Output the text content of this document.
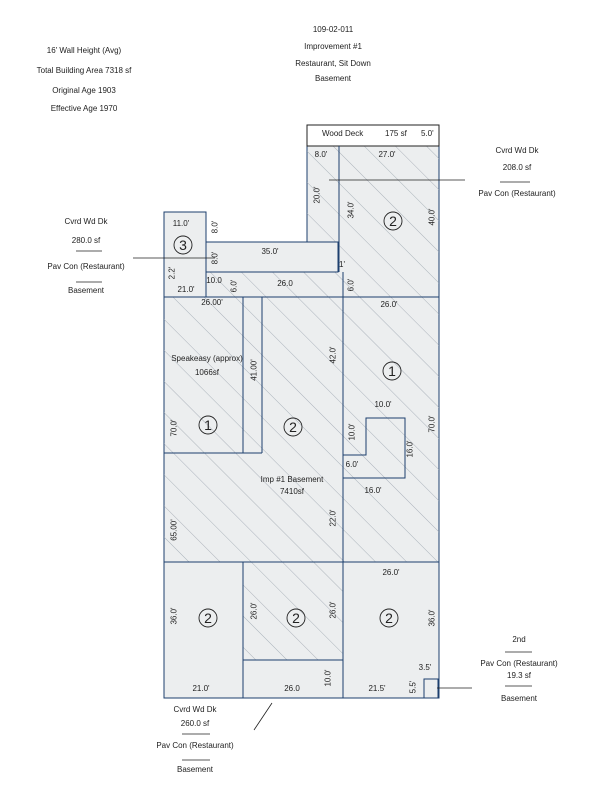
109-02-011
Improvement #1
Restaurant, Sit Down
Basement
16' Wall Height (Avg)
Total Building Area 7318 sf
Original Age 1903
Effective Age 1970
Wood Deck	175 sf 5.0'
Cvrd Wd Dk
208.0 sf
Pav Con (Restaurant)
Cvrd Wd Dk
280.0 sf
Pav Con (Restaurant)
Basement
Cvrd Wd Dk
260.0 sf
Pav Con (Restaurant)
Basement
2nd
Pav Con (Restaurant)
19.3 sf
Basement
Speakeasy (approx)
1066sf
Imp #1 Basement
7410sf
3
2
1
1	2
2	2	2
8.0'	27.0'
11.0'
35.0'
1'
10.0	26.0
21.0'
26.00'	26.0'
10.0'
6.0'
16.0'
26.0'
3.5'
21.0'	26.0	21.5'
20.0'
34.0'	40.0'
8.0'
8.0'
2.2'
6.0'	6.0'
41.00'
42.0'
10.0'
70.0'	70.0'
16.0'
22.0'
65.00'
36.0'	26.0'	26.0'	36.0'
10.0'
5.5'
